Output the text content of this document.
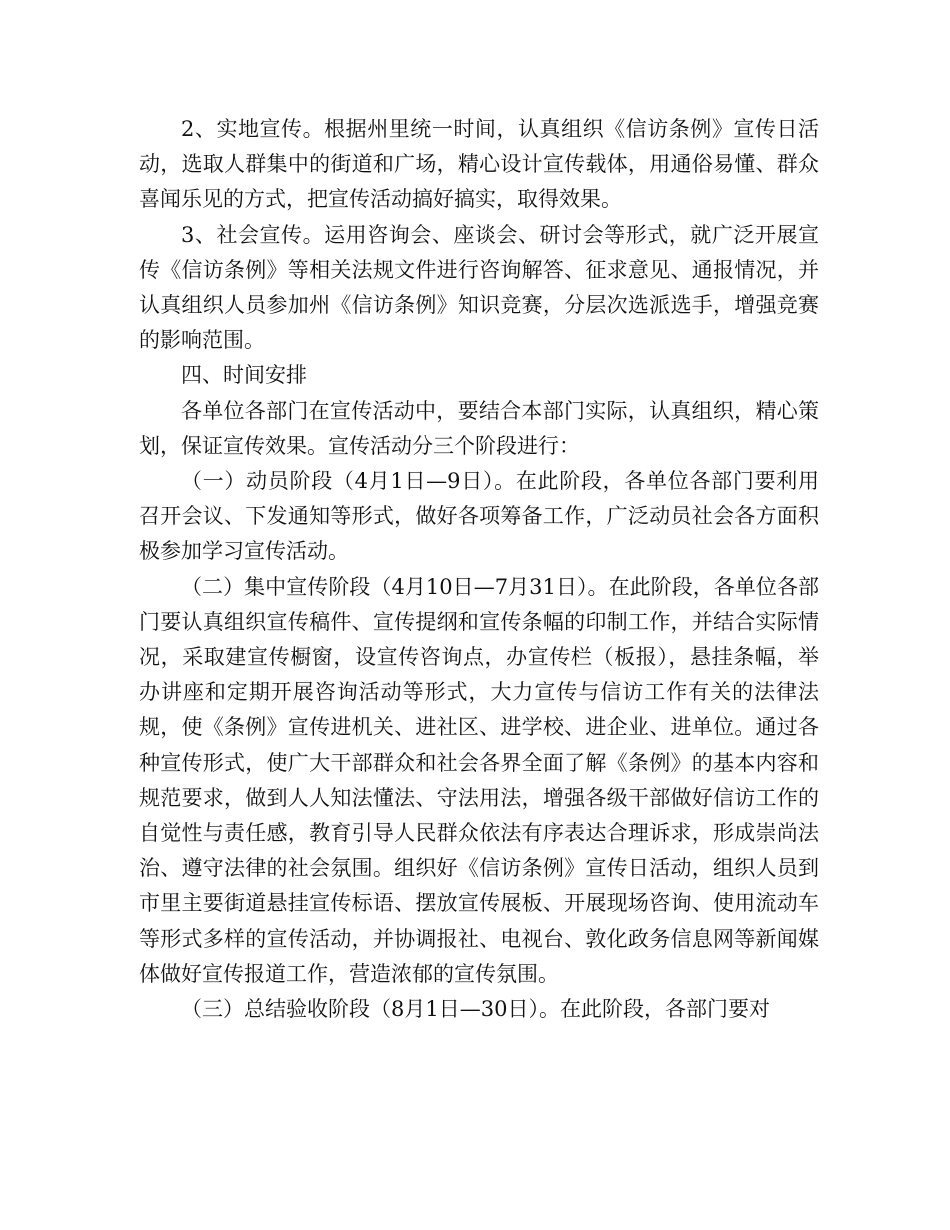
2、实地宣传。根据州里统一时间，认真组织《信访条例》宣传日活动，选取人群集中的街道和广场，精心设计宣传载体，用通俗易懂、群众喜闻乐见的方式，把宣传活动搞好搞实，取得效果。

3、社会宣传。运用咨询会、座谈会、研讨会等形式，就广泛开展宣传《信访条例》等相关法规文件进行咨询解答、征求意见、通报情况，并认真组织人员参加州《信访条例》知识竞赛，分层次选派选手，增强竞赛的影响范围。

四、时间安排

各单位各部门在宣传活动中，要结合本部门实际，认真组织，精心策划，保证宣传效果。宣传活动分三个阶段进行：

（一）动员阶段（4月1日—9日）。在此阶段，各单位各部门要利用召开会议、下发通知等形式，做好各项筹备工作，广泛动员社会各方面积极参加学习宣传活动。

（二）集中宣传阶段（4月10日—7月31日）。在此阶段，各单位各部门要认真组织宣传稿件、宣传提纲和宣传条幅的印制工作，并结合实际情况，采取建宣传橱窗，设宣传咨询点，办宣传栏（板报），悬挂条幅，举办讲座和定期开展咨询活动等形式，大力宣传与信访工作有关的法律法规，使《条例》宣传进机关、进社区、进学校、进企业、进单位。通过各种宣传形式，使广大干部群众和社会各界全面了解《条例》的基本内容和规范要求，做到人人知法懂法、守法用法，增强各级干部做好信访工作的自觉性与责任感，教育引导人民群众依法有序表达合理诉求，形成崇尚法治、遵守法律的社会氛围。组织好《信访条例》宣传日活动，组织人员到市里主要街道悬挂宣传标语、摆放宣传展板、开展现场咨询、使用流动车等形式多样的宣传活动，并协调报社、电视台、敦化政务信息网等新闻媒体做好宣传报道工作，营造浓郁的宣传氛围。

（三）总结验收阶段（8月1日—30日）。在此阶段，各部门要对
